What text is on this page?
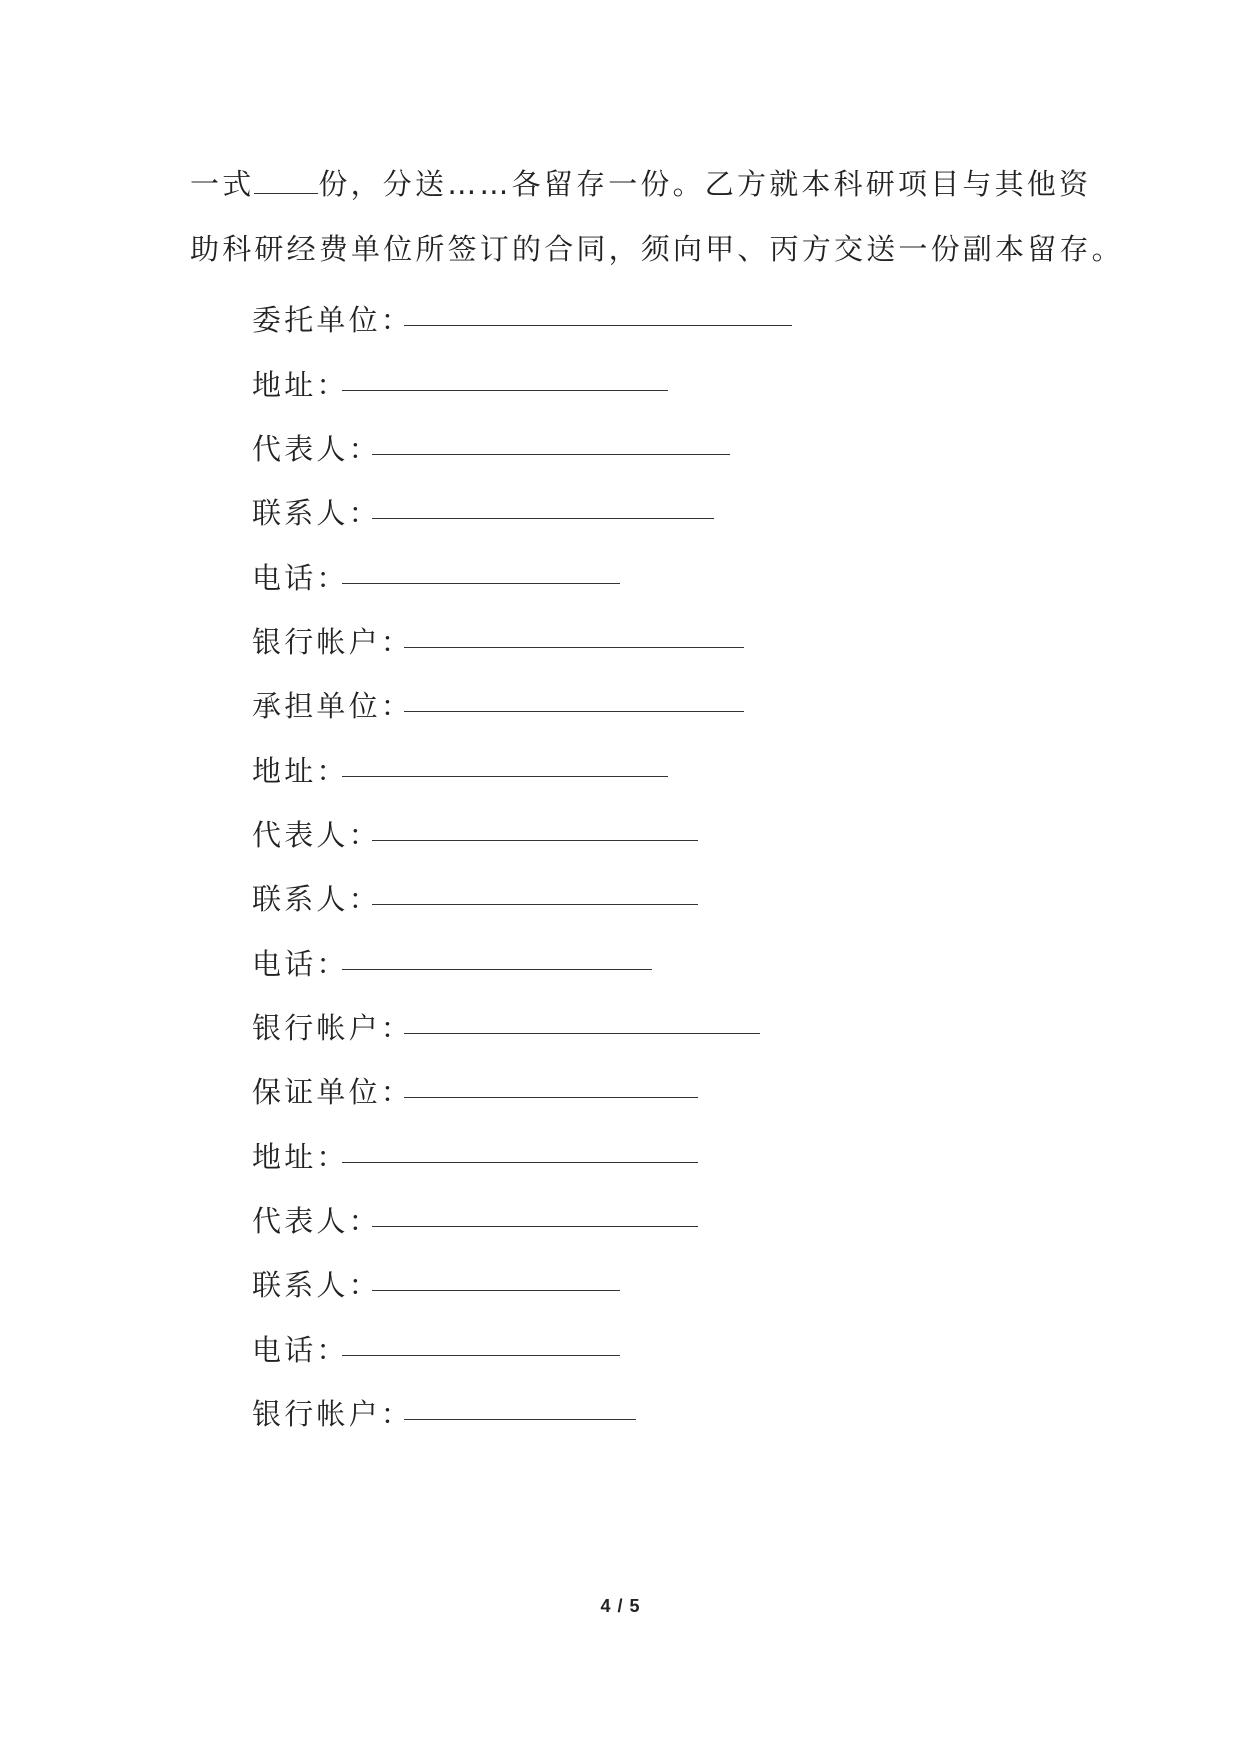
一式 份，分送……各留存一份。乙方就本科研项目与其他资
助科研经费单位所签订的合同，须向甲、丙方交送一份副本留存。
委托单位：
地址：
代表人：
联系人：
电话：
银行帐户：
承担单位：
地址：
代表人：
联系人：
电话：
银行帐户：
保证单位：
地址：
代表人：
联系人：
电话：
银行帐户：
4 / 5
